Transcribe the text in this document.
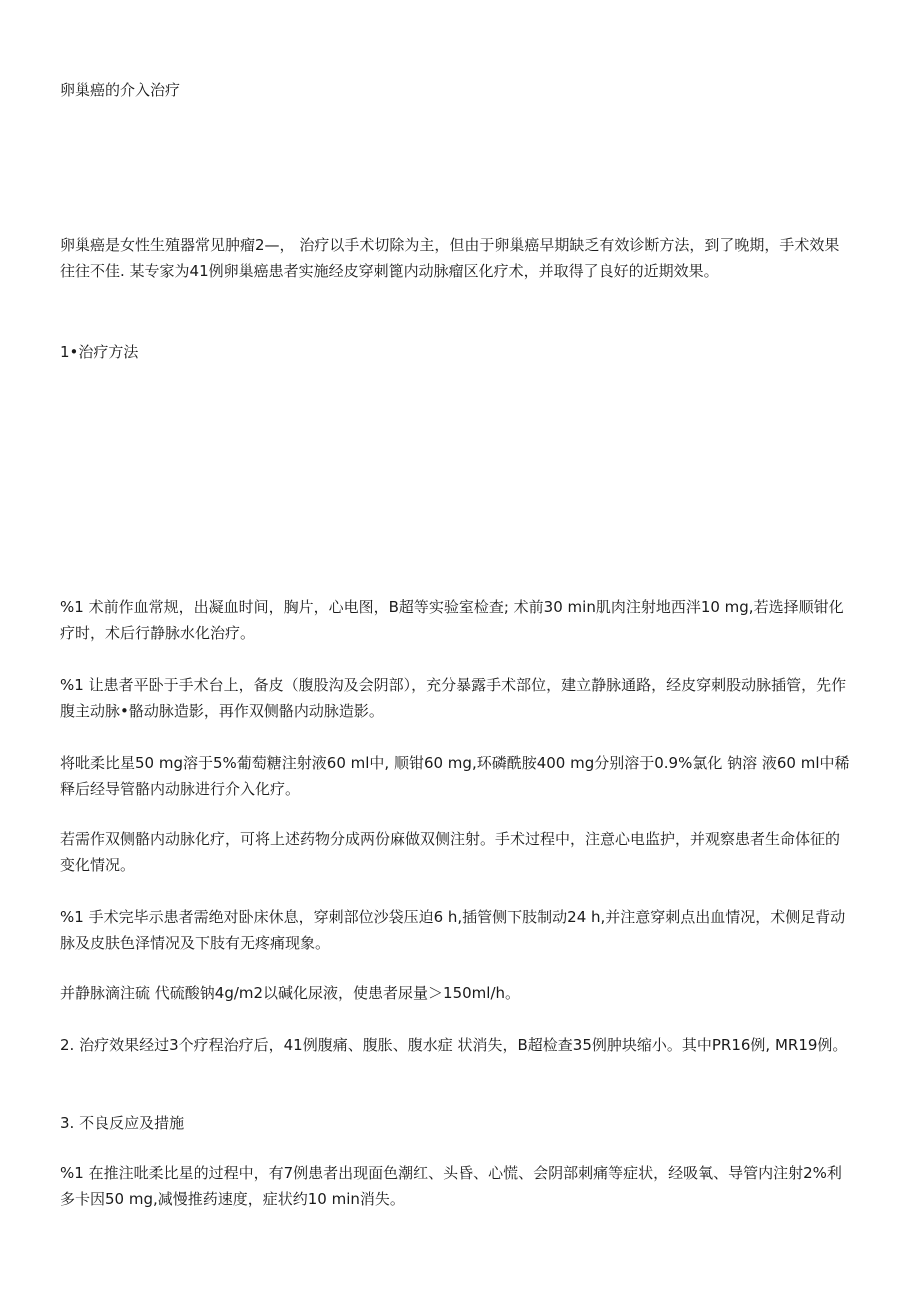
卵巢癌的介入治疗

卵巢癌是女性生殖器常见肿瘤2—， 治疗以手术切除为主，但由于卵巢癌早期缺乏有效诊断方法，到了晚期，手术效果往往不佳. 某专家为41例卵巢癌患者实施经皮穿刺篦内动脉瘤区化疗术，并取得了良好的近期效果。

1•治疗方法

%1 术前作血常规，出凝血时间，胸片，心电图，B超等实验室检查; 术前30 min肌肉注射地西泮10 mg,若选择顺钳化疗时，术后行静脉水化治疗。

%1 让患者平卧于手术台上，备皮（腹股沟及会阴部），充分暴露手术部位，建立静脉通路，经皮穿刺股动脉插管，先作腹主动脉•骼动脉造影，再作双侧骼内动脉造影。

将吡柔比星50 mg溶于5%葡萄糖注射液60 ml中, 顺钳60 mg,环磷酰胺400 mg分别溶于0.9%氯化 钠溶 液60 ml中稀释后经导管骼内动脉进行介入化疗。

若需作双侧骼内动脉化疗，可将上述药物分成两份麻做双侧注射。手术过程中，注意心电监护，并观察患者生命体征的变化情况。

%1 手术完毕示患者需绝对卧床休息，穿刺部位沙袋压迫6 h,插管侧下肢制动24 h,并注意穿刺点出血情况，术侧足背动脉及皮肤色泽情况及下肢有无疼痛现象。

并静脉滴注硫 代硫酸钠4g/m2以碱化尿液，使患者尿量＞150ml/h。

2. 治疗效果经过3个疗程治疗后，41例腹痛、腹胀、腹水症 状消失，B超检查35例肿块缩小。其中PR16例, MR19例。

3. 不良反应及措施

%1 在推注吡柔比星的过程中，有7例患者出现面色潮红、头昏、心慌、会阴部刺痛等症状，经吸氧、导管内注射2%利多卡因50 mg,减慢推药速度，症状约10 min消失。
